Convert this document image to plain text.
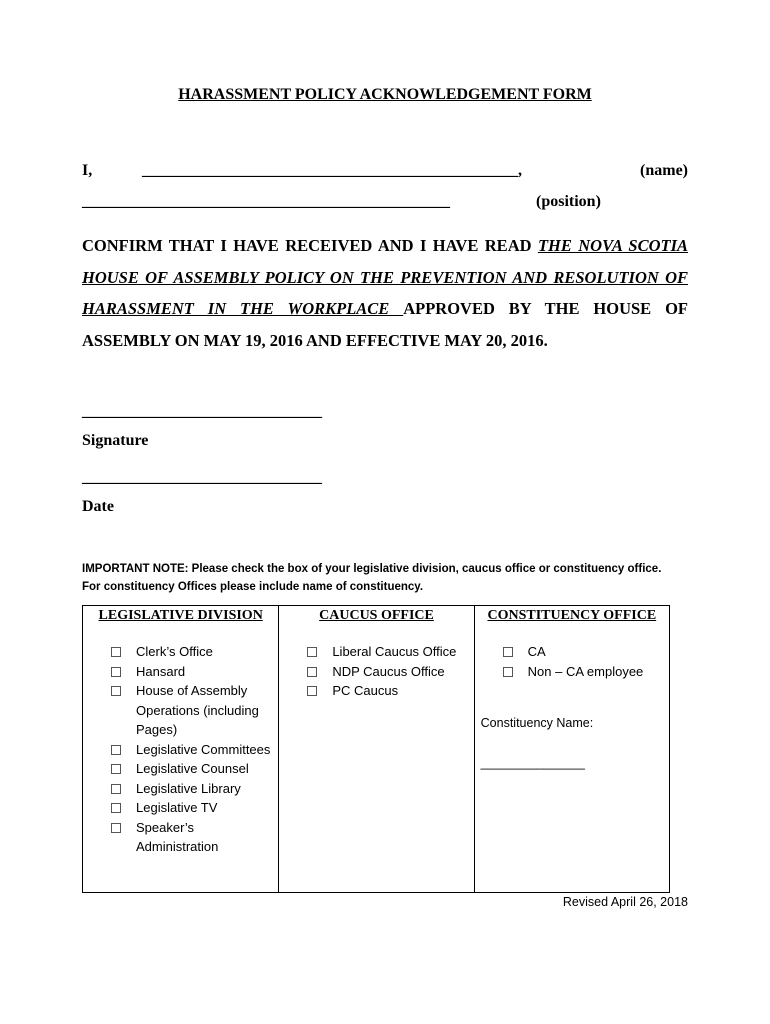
HARASSMENT POLICY ACKNOWLEDGEMENT FORM
I,	_______________________________________________,	(name)
______________________________________________	(position)
CONFIRM THAT I HAVE RECEIVED AND I HAVE READ THE NOVA SCOTIA HOUSE OF ASSEMBLY POLICY ON THE PREVENTION AND RESOLUTION OF HARASSMENT IN THE WORKPLACE APPROVED BY THE HOUSE OF ASSEMBLY ON MAY 19, 2016 AND EFFECTIVE MAY 20, 2016.
______________________________
Signature
______________________________
Date
IMPORTANT NOTE: Please check the box of your legislative division, caucus office or constituency office.
For constituency Offices please include name of constituency.
LEGISLATIVE DIVISION
Clerk’s Office
Hansard
House of Assembly Operations (including Pages)
Legislative Committees
Legislative Counsel
Legislative Library
Legislative TV
Speaker’s Administration
CAUCUS OFFICE
Liberal Caucus Office
NDP Caucus Office
PC Caucus
CONSTITUENCY OFFICE
CA
Non – CA employee
Constituency Name:
_______________
Revised April 26, 2018
